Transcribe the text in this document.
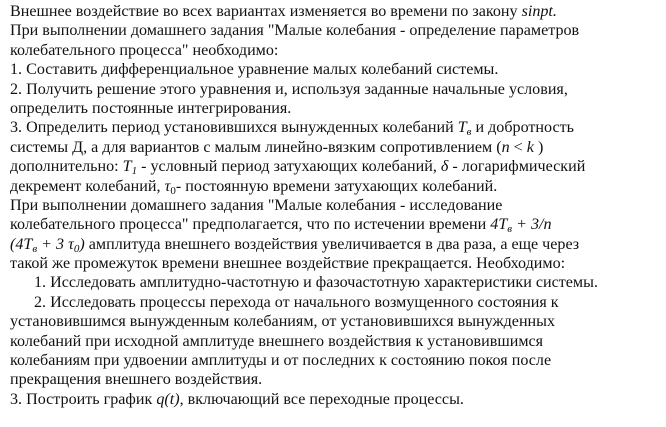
Внешнее воздействие во всех вариантах изменяется во времени по закону sinpt.
При выполнении домашнего задания "Малые колебания - определение параметров
колебательного процесса" необходимо:
1. Составить дифференциальное уравнение малых колебаний системы.
2. Получить решение этого уравнения и, используя заданные начальные условия,
определить постоянные интегрирования.
3. Определить период установившихся вынужденных колебаний $T_в$ и добротность
системы Д, а для вариантов с малым линейно-вязким сопротивлением (n < k )
дополнительно: $T_1$ - условный период затухающих колебаний, δ - логарифмический
декремент колебаний, $\tau_0-$ постоянную времени затухающих колебаний.
При выполнении домашнего задания "Малые колебания - исследование
колебательного процесса" предполагается, что по истечении времени $4T_в + 3/n$
($4T_в + 3$ $\tau_0$) амплитуда внешнего воздействия увеличивается в два раза, а еще через
такой же промежуток времени внешнее воздействие прекращается. Необходимо:
1. Исследовать амплитудно-частотную и фазочастотную характеристики системы.
2. Исследовать процессы перехода от начального возмущенного состояния к
установившимся вынужденным колебаниям, от установившихся вынужденных
колебаний при исходной амплитуде внешнего воздействия к установившимся
колебаниям при удвоении амплитуды и от последних к состоянию покоя после
прекращения внешнего воздействия.
3. Построить график q(t), включающий все переходные процессы.
